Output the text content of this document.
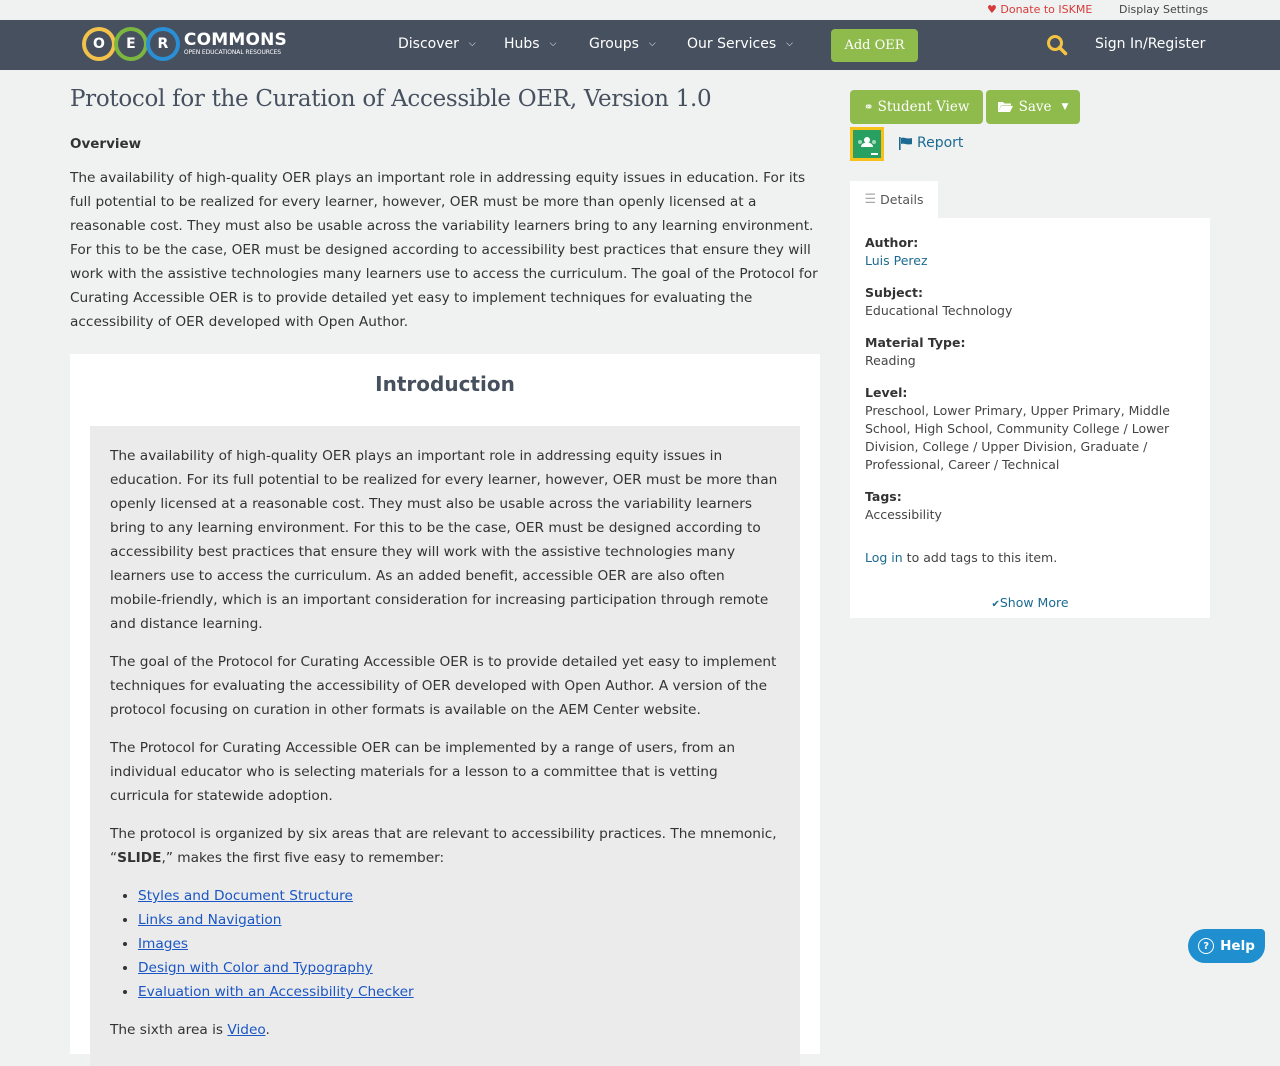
♥ Donate to ISKME Display Settings
O	E	R COMMONS
OPEN EDUCATIONAL RESOURCES	Discover ⌵ Hubs ⌵ Groups ⌵ Our Services ⌵	Add OER	Sign In/Register
Protocol for the Curation of Accessible OER, Version 1.0
Overview

The availability of high-quality OER plays an important role in addressing equity issues in education. For its full potential to be realized for every learner, however, OER must be more than openly licensed at a reasonable cost. They must also be usable across the variability learners bring to any learning environment. For this to be the case, OER must be designed according to accessibility best practices that ensure they will work with the assistive technologies many learners use to access the curriculum. The goal of the Protocol for Curating Accessible OER is to provide detailed yet easy to implement techniques for evaluating the accessibility of OER developed with Open Author.

Introduction

The availability of high-quality OER plays an important role in addressing equity issues in education. For its full potential to be realized for every learner, however, OER must be more than openly licensed at a reasonable cost. They must also be usable across the variability learners bring to any learning environment. For this to be the case, OER must be designed according to accessibility best practices that ensure they will work with the assistive technologies many learners use to access the curriculum. As an added benefit, accessible OER are also often mobile-friendly, which is an important consideration for increasing participation through remote and distance learning.

The goal of the Protocol for Curating Accessible OER is to provide detailed yet easy to implement techniques for evaluating the accessibility of OER developed with Open Author. A version of the protocol focusing on curation in other formats is available on the AEM Center website.

The Protocol for Curating Accessible OER can be implemented by a range of users, from an individual educator who is selecting materials for a lesson to a committee that is vetting curricula for statewide adoption.

The protocol is organized by six areas that are relevant to accessibility practices. The mnemonic, “SLIDE,” makes the first five easy to remember:

• Styles and Document Structure
• Links and Navigation
• Images
• Design with Color and Typography
• Evaluation with an Accessibility Checker

The sixth area is Video.

⚭ Student View	Save ▼
Report
☰ Details
Author:
Luis Perez
Subject:
Educational Technology
Material Type:
Reading
Level:
Preschool, Lower Primary, Upper Primary, Middle School, High School, Community College / Lower Division, College / Upper Division, Graduate / Professional, Career / Technical
Tags:
Accessibility
Log in to add tags to this item.
✔︎Show More
? Help
